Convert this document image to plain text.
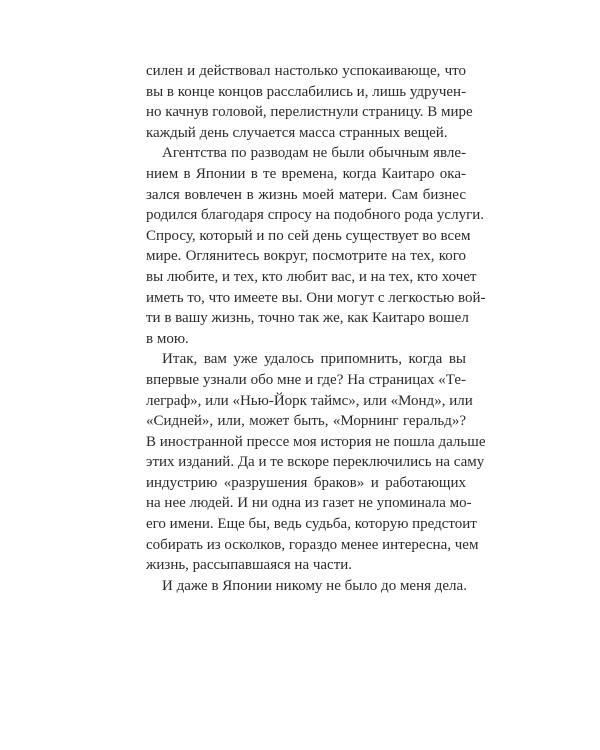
силен и действовал настолько успокаивающе, что
вы в конце концов расслабились и, лишь удручен-
но качнув головой, перелистнули страницу. В мире
каждый день случается масса странных вещей.
Агентства по разводам не были обычным явле-
нием в Японии в те времена, когда Каитаро ока-
зался вовлечен в жизнь моей матери. Сам бизнес
родился благодаря спросу на подобного рода услуги.
Спросу, который и по сей день существует во всем
мире. Оглянитесь вокруг, посмотрите на тех, кого
вы любите, и тех, кто любит вас, и на тех, кто хочет
иметь то, что имеете вы. Они могут с легкостью вой-
ти в вашу жизнь, точно так же, как Каитаро вошел
в мою.
Итак, вам уже удалось припомнить, когда вы
впервые узнали обо мне и где? На страницах «Те-
леграф», или «Нью-Йорк таймс», или «Монд», или
«Сидней», или, может быть, «Морнинг геральд»?
В иностранной прессе моя история не пошла дальше
этих изданий. Да и те вскоре переключились на саму
индустрию «разрушения браков» и работающих
на нее людей. И ни одна из газет не упоминала мо-
его имени. Еще бы, ведь судьба, которую предстоит
собирать из осколков, гораздо менее интересна, чем
жизнь, рассыпавшаяся на части.
И даже в Японии никому не было до меня дела.
